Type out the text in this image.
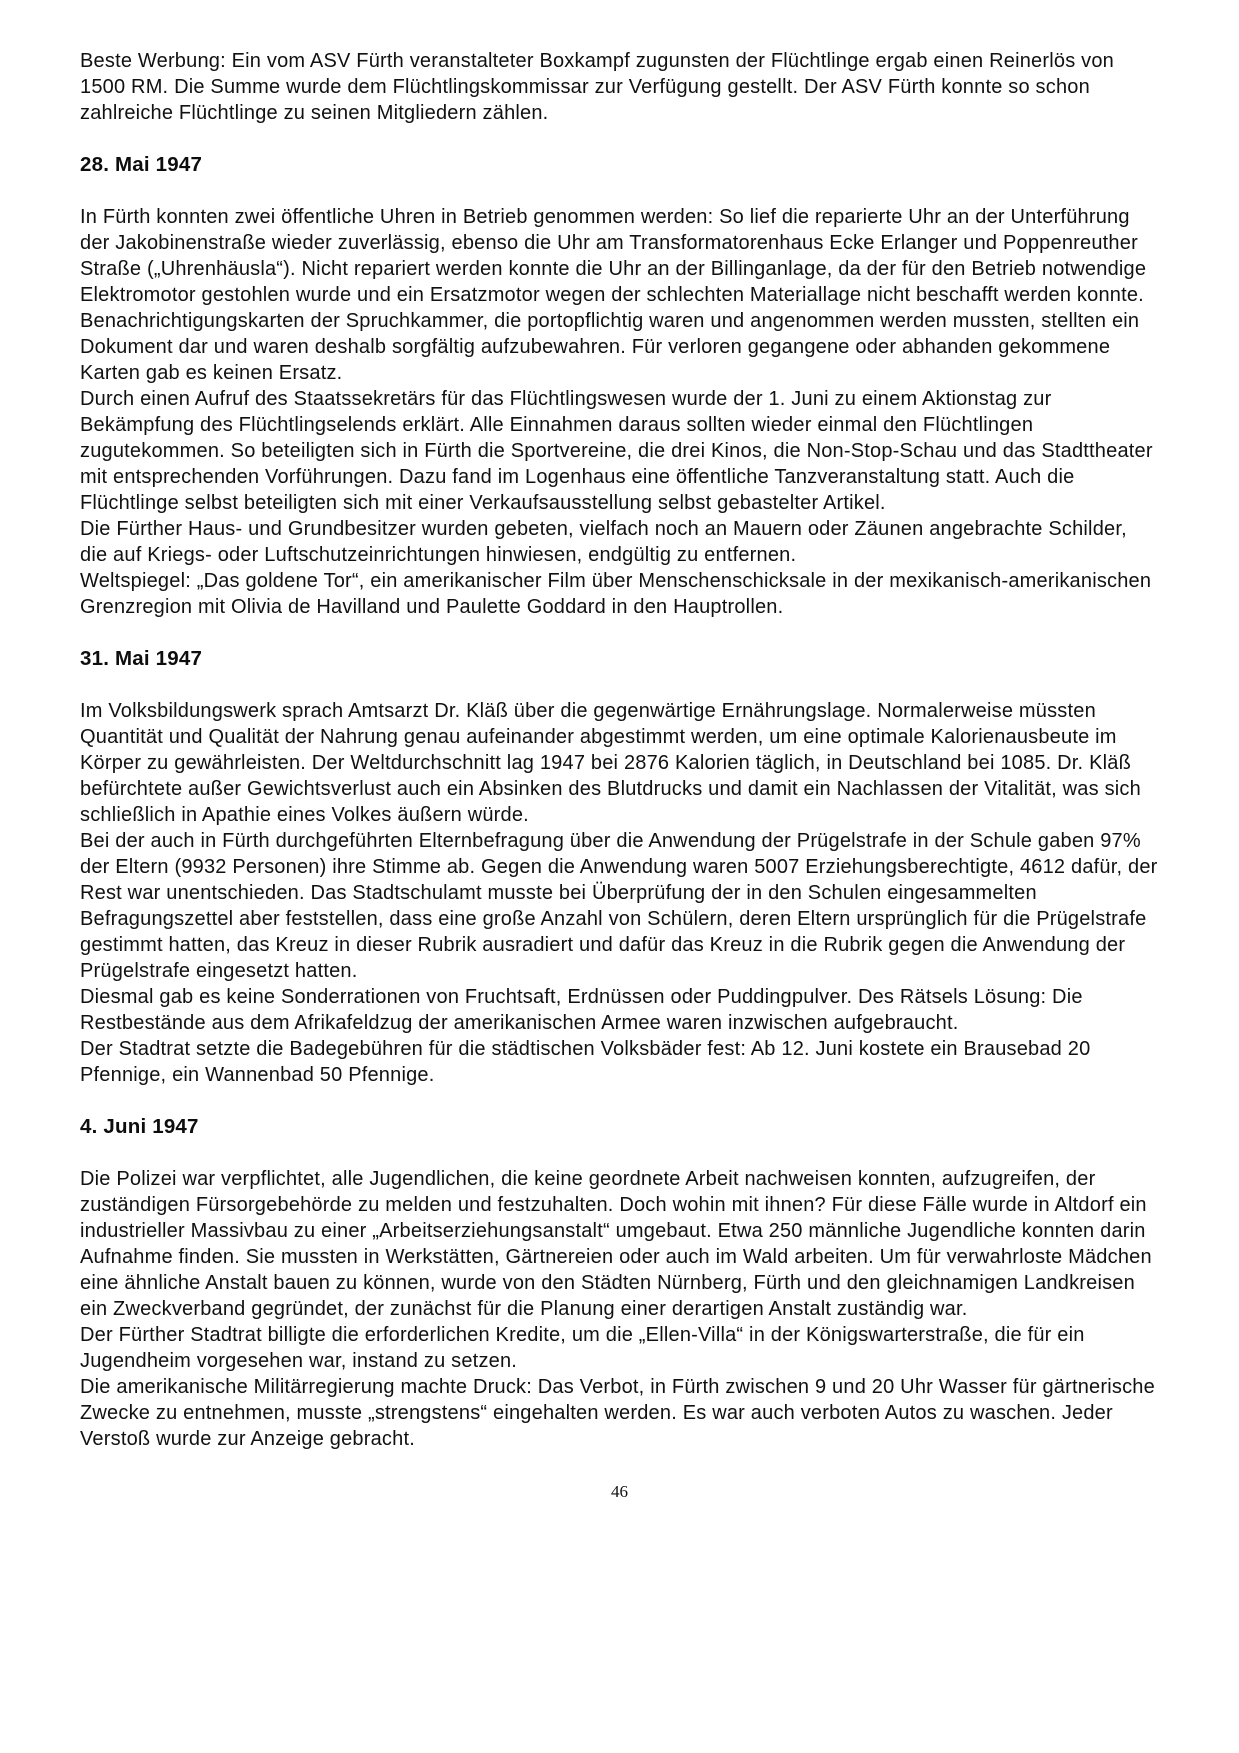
Beste Werbung: Ein vom ASV Fürth veranstalteter Boxkampf zugunsten der Flüchtlinge ergab einen Reinerlös von 1500 RM. Die Summe wurde dem Flüchtlingskommissar zur Verfügung gestellt. Der ASV Fürth konnte so schon zahlreiche Flüchtlinge zu seinen Mitgliedern zählen.

28. Mai 1947

In Fürth konnten zwei öffentliche Uhren in Betrieb genommen werden: So lief die reparierte Uhr an der Unterführung der Jakobinenstraße wieder zuverlässig, ebenso die Uhr am Transformatorenhaus Ecke Erlanger und Poppenreuther Straße („Uhrenhäusla“). Nicht repariert werden konnte die Uhr an der Billinganlage, da der für den Betrieb notwendige Elektromotor gestohlen wurde und ein Ersatzmotor wegen der schlechten Materiallage nicht beschafft werden konnte.

Benachrichtigungskarten der Spruchkammer, die portopflichtig waren und angenommen werden mussten, stellten ein Dokument dar und waren deshalb sorgfältig aufzubewahren. Für verloren gegangene oder abhanden gekommene Karten gab es keinen Ersatz.

Durch einen Aufruf des Staatssekretärs für das Flüchtlingswesen wurde der 1. Juni zu einem Aktionstag zur Bekämpfung des Flüchtlingselends erklärt. Alle Einnahmen daraus sollten wieder einmal den Flüchtlingen zugutekommen. So beteiligten sich in Fürth die Sportvereine, die drei Kinos, die Non-Stop-Schau und das Stadttheater mit entsprechenden Vorführungen. Dazu fand im Logenhaus eine öffentliche Tanzveranstaltung statt. Auch die Flüchtlinge selbst beteiligten sich mit einer Verkaufsausstellung selbst gebastelter Artikel.

Die Fürther Haus- und Grundbesitzer wurden gebeten, vielfach noch an Mauern oder Zäunen angebrachte Schilder, die auf Kriegs- oder Luftschutzeinrichtungen hinwiesen, endgültig zu entfernen.

Weltspiegel: „Das goldene Tor“, ein amerikanischer Film über Menschenschicksale in der mexikanisch-amerikanischen Grenzregion mit Olivia de Havilland und Paulette Goddard in den Hauptrollen.

31. Mai 1947

Im Volksbildungswerk sprach Amtsarzt Dr. Kläß über die gegenwärtige Ernährungslage. Normalerweise müssten Quantität und Qualität der Nahrung genau aufeinander abgestimmt werden, um eine optimale Kalorienausbeute im Körper zu gewährleisten. Der Weltdurchschnitt lag 1947 bei 2876 Kalorien täglich, in Deutschland bei 1085. Dr. Kläß befürchtete außer Gewichtsverlust auch ein Absinken des Blutdrucks und damit ein Nachlassen der Vitalität, was sich schließlich in Apathie eines Volkes äußern würde.

Bei der auch in Fürth durchgeführten Elternbefragung über die Anwendung der Prügelstrafe in der Schule gaben 97% der Eltern (9932 Personen) ihre Stimme ab. Gegen die Anwendung waren 5007 Erziehungsberechtigte, 4612 dafür, der Rest war unentschieden. Das Stadtschulamt musste bei Überprüfung der in den Schulen eingesammelten Befragungszettel aber feststellen, dass eine große Anzahl von Schülern, deren Eltern ursprünglich für die Prügelstrafe gestimmt hatten, das Kreuz in dieser Rubrik ausradiert und dafür das Kreuz in die Rubrik gegen die Anwendung der Prügelstrafe eingesetzt hatten.

Diesmal gab es keine Sonderrationen von Fruchtsaft, Erdnüssen oder Puddingpulver. Des Rätsels Lösung: Die Restbestände aus dem Afrikafeldzug der amerikanischen Armee waren inzwischen aufgebraucht.

Der Stadtrat setzte die Badegebühren für die städtischen Volksbäder fest: Ab 12. Juni kostete ein Brausebad 20 Pfennige, ein Wannenbad 50 Pfennige.

4. Juni 1947

Die Polizei war verpflichtet, alle Jugendlichen, die keine geordnete Arbeit nachweisen konnten, aufzugreifen, der zuständigen Fürsorgebehörde zu melden und festzuhalten. Doch wohin mit ihnen? Für diese Fälle wurde in Altdorf ein industrieller Massivbau zu einer „Arbeitserziehungsanstalt“ umgebaut. Etwa 250 männliche Jugendliche konnten darin Aufnahme finden. Sie mussten in Werkstätten, Gärtnereien oder auch im Wald arbeiten. Um für verwahrloste Mädchen eine ähnliche Anstalt bauen zu können, wurde von den Städten Nürnberg, Fürth und den gleichnamigen Landkreisen ein Zweckverband gegründet, der zunächst für die Planung einer derartigen Anstalt zuständig war.

Der Fürther Stadtrat billigte die erforderlichen Kredite, um die „Ellen-Villa“ in der Königswarterstraße, die für ein Jugendheim vorgesehen war, instand zu setzen.

Die amerikanische Militärregierung machte Druck: Das Verbot, in Fürth zwischen 9 und 20 Uhr Wasser für gärtnerische Zwecke zu entnehmen, musste „strengstens“ eingehalten werden. Es war auch verboten Autos zu waschen. Jeder Verstoß wurde zur Anzeige gebracht.

46
